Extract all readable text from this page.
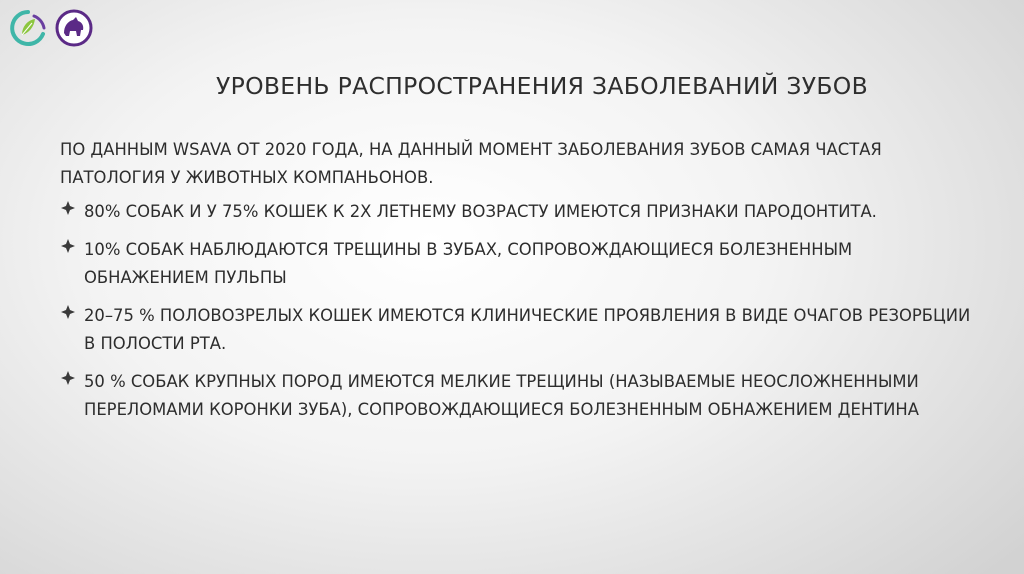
УРОВЕНЬ РАСПРОСТРАНЕНИЯ ЗАБОЛЕВАНИЙ ЗУБОВ

ПО ДАННЫМ WSAVA ОТ 2020 ГОДА, НА ДАННЫЙ МОМЕНТ ЗАБОЛЕВАНИЯ ЗУБОВ САМАЯ ЧАСТАЯ ПАТОЛОГИЯ У ЖИВОТНЫХ КОМПАНЬОНОВ.

80% СОБАК И У 75% КОШЕК К 2Х ЛЕТНЕМУ ВОЗРАСТУ ИМЕЮТСЯ ПРИЗНАКИ ПАРОДОНТИТА.
10% СОБАК НАБЛЮДАЮТСЯ ТРЕЩИНЫ В ЗУБАХ, СОПРОВОЖДАЮЩИЕСЯ БОЛЕЗНЕННЫМ ОБНАЖЕНИЕМ ПУЛЬПЫ
20–75 % ПОЛОВОЗРЕЛЫХ КОШЕК ИМЕЮТСЯ КЛИНИЧЕСКИЕ ПРОЯВЛЕНИЯ В ВИДЕ ОЧАГОВ РЕЗОРБЦИИ В ПОЛОСТИ РТА.
50 % СОБАК КРУПНЫХ ПОРОД ИМЕЮТСЯ МЕЛКИЕ ТРЕЩИНЫ (НАЗЫВАЕМЫЕ НЕОСЛОЖНЕННЫМИ ПЕРЕЛОМАМИ КОРОНКИ ЗУБА), СОПРОВОЖДАЮЩИЕСЯ БОЛЕЗНЕННЫМ ОБНАЖЕНИЕМ ДЕНТИНА
